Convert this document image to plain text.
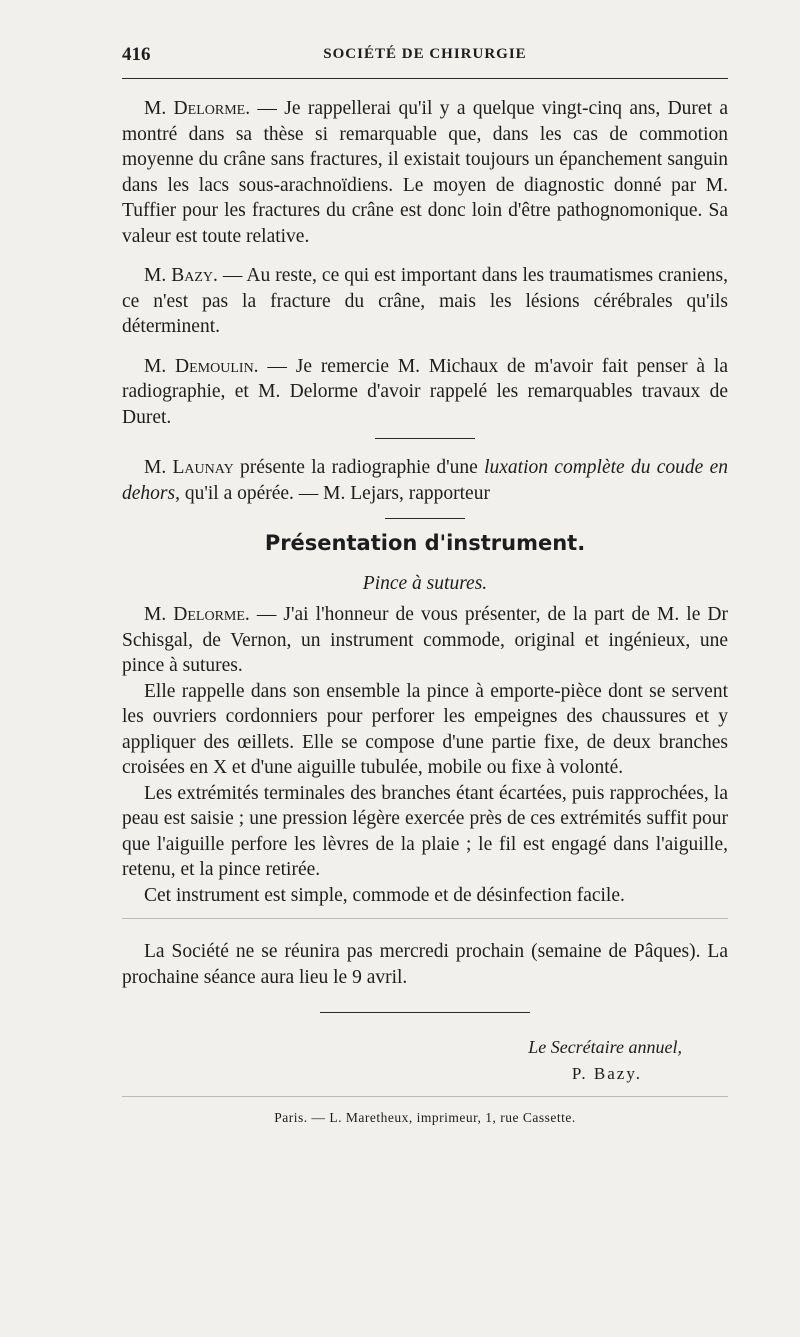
416	SOCIÉTÉ DE CHIRURGIE

M. Delorme. — Je rappellerai qu'il y a quelque vingt-cinq ans, Duret a montré dans sa thèse si remarquable que, dans les cas de commotion moyenne du crâne sans fractures, il existait toujours un épanchement sanguin dans les lacs sous-arachnoïdiens. Le moyen de diagnostic donné par M. Tuffier pour les fractures du crâne est donc loin d'être pathognomonique. Sa valeur est toute relative.

M. Bazy. — Au reste, ce qui est important dans les traumatismes craniens, ce n'est pas la fracture du crâne, mais les lésions cérébrales qu'ils déterminent.

M. Demoulin. — Je remercie M. Michaux de m'avoir fait penser à la radiographie, et M. Delorme d'avoir rappelé les remarquables travaux de Duret.

M. Launay présente la radiographie d'une luxation complète du coude en dehors, qu'il a opérée. — M. Lejars, rapporteur

Présentation d'instrument.
Pince à sutures.

M. Delorme. — J'ai l'honneur de vous présenter, de la part de M. le Dr Schisgal, de Vernon, un instrument commode, original et ingénieux, une pince à sutures.

Elle rappelle dans son ensemble la pince à emporte-pièce dont se servent les ouvriers cordonniers pour perforer les empeignes des chaussures et y appliquer des œillets. Elle se compose d'une partie fixe, de deux branches croisées en X et d'une aiguille tubulée, mobile ou fixe à volonté.

Les extrémités terminales des branches étant écartées, puis rapprochées, la peau est saisie ; une pression légère exercée près de ces extrémités suffit pour que l'aiguille perfore les lèvres de la plaie ; le fil est engagé dans l'aiguille, retenu, et la pince retirée.

Cet instrument est simple, commode et de désinfection facile.

La Société ne se réunira pas mercredi prochain (semaine de Pâques). La prochaine séance aura lieu le 9 avril.

Le Secrétaire annuel,
P. Bazy.
Paris. — L. Maretheux, imprimeur, 1, rue Cassette.
